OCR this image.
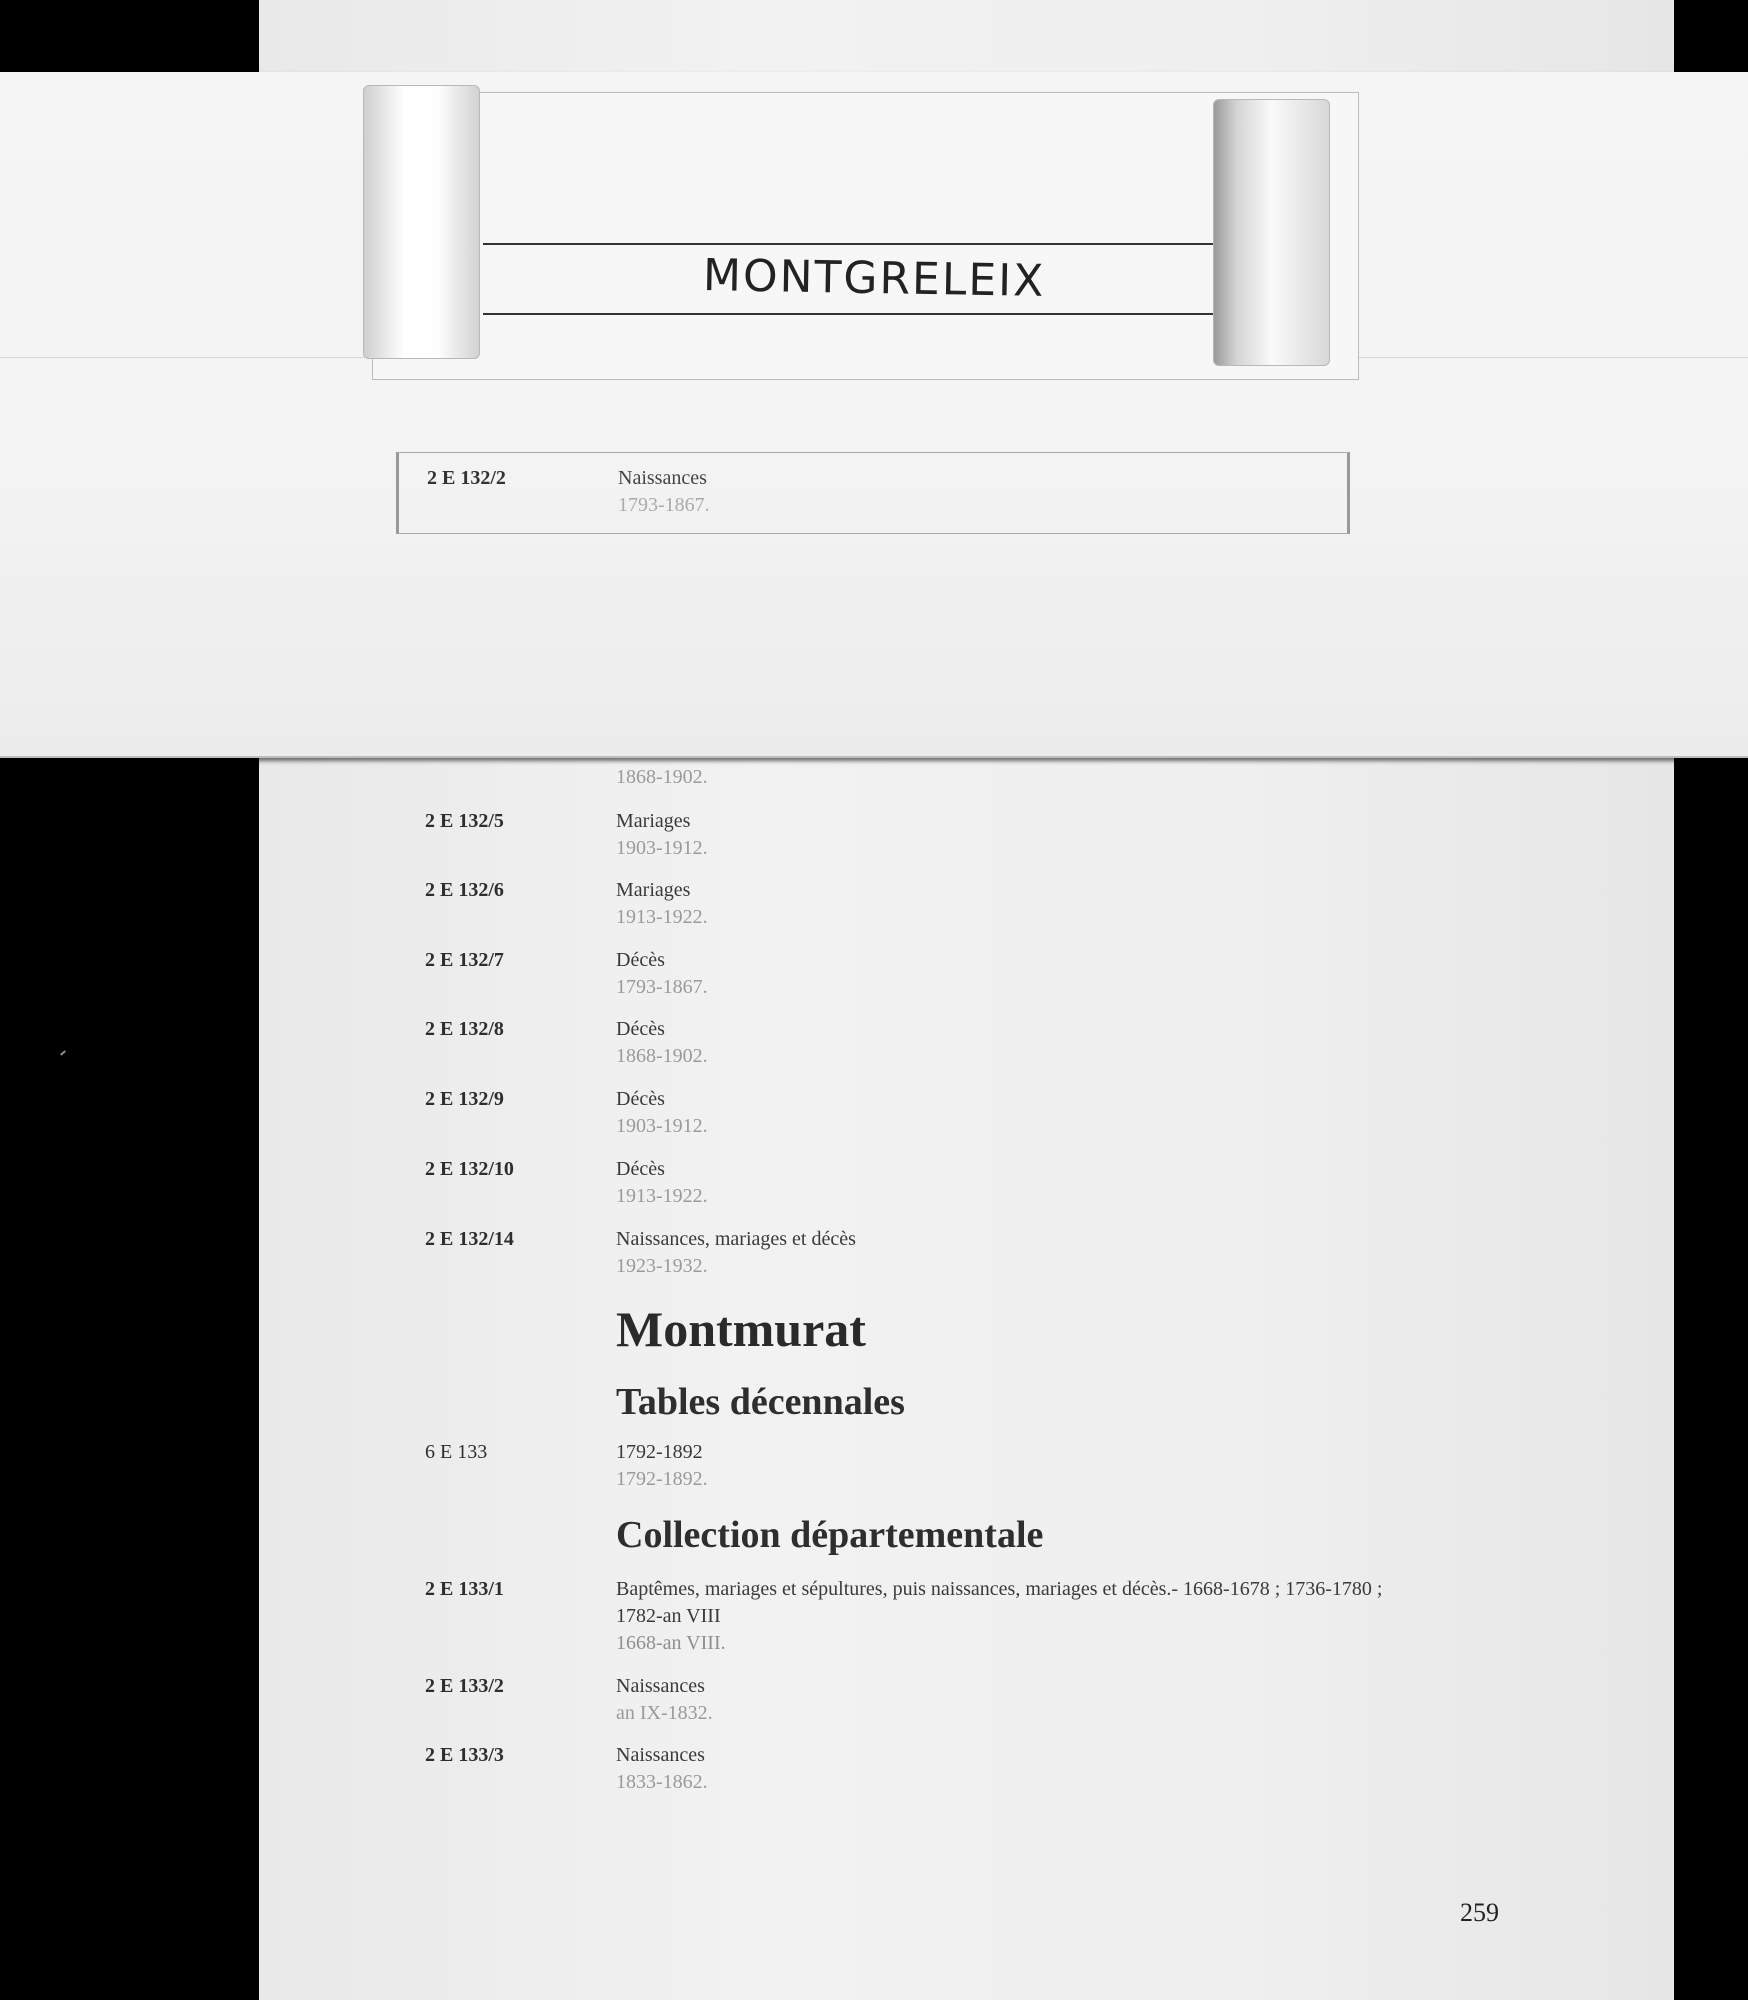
MONTGRELEIX
2 E 132/2	Naissances
1793-1867.
1868-1902.
2 E 132/5	Mariages
1903-1912.
2 E 132/6	Mariages
1913-1922.
2 E 132/7	Décès
1793-1867.
2 E 132/8	Décès
1868-1902.
2 E 132/9	Décès
1903-1912.
2 E 132/10	Décès
1913-1922.
2 E 132/14	Naissances, mariages et décès
1923-1932.
Montmurat
Tables décennales
6 E 133	1792-1892
1792-1892.
Collection départementale
2 E 133/1	Baptêmes, mariages et sépultures, puis naissances, mariages et décès.- 1668-1678 ; 1736-1780 ;
1782-an VIII
1668-an VIII.
2 E 133/2	Naissances
an IX-1832.
2 E 133/3	Naissances
1833-1862.
259
